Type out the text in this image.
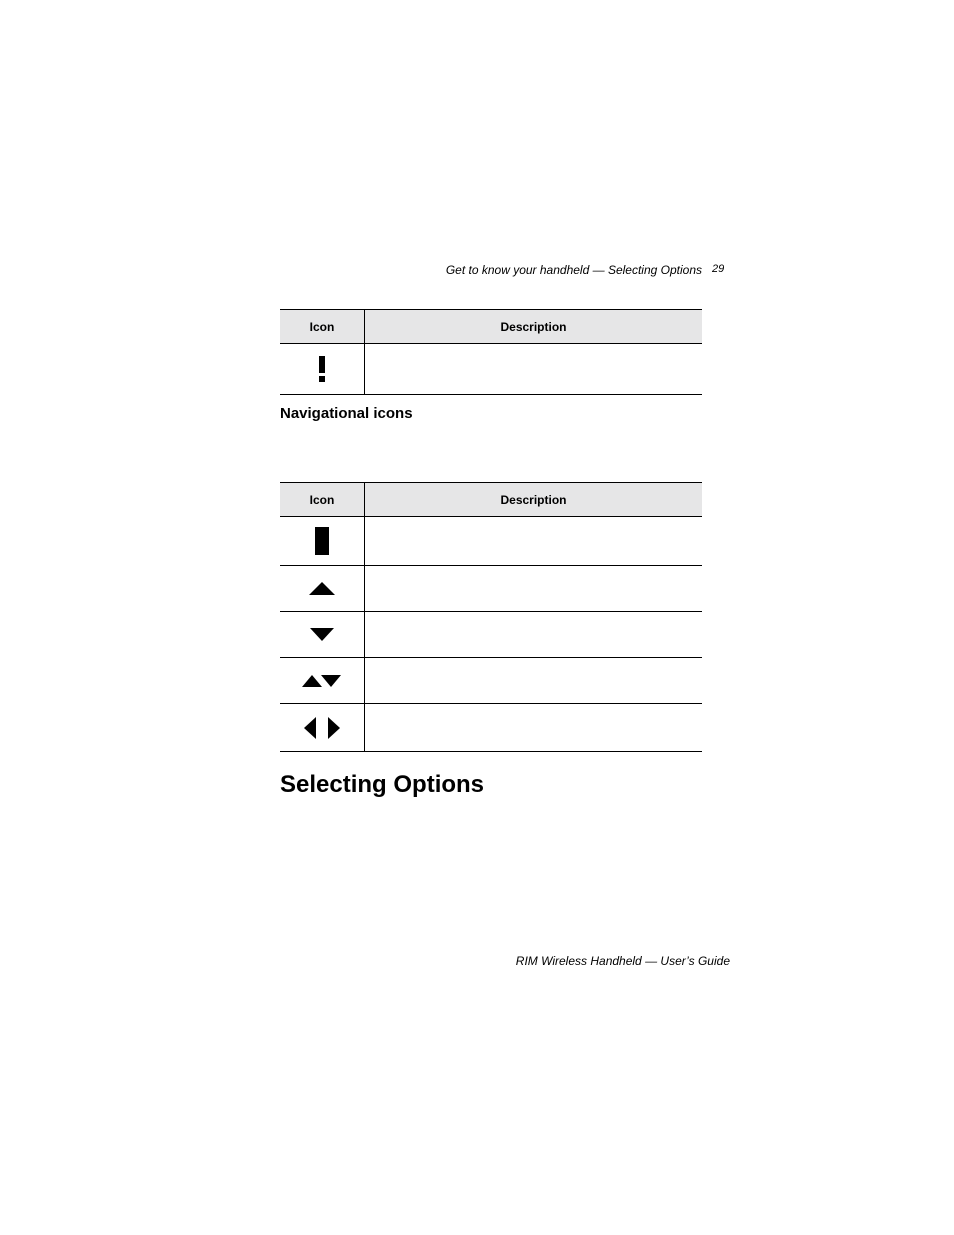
Get to know your handheld — Selecting Options 29
Icon	Description

Navigational icons
Icon	Description

Selecting Options
RIM Wireless Handheld — User’s Guide
